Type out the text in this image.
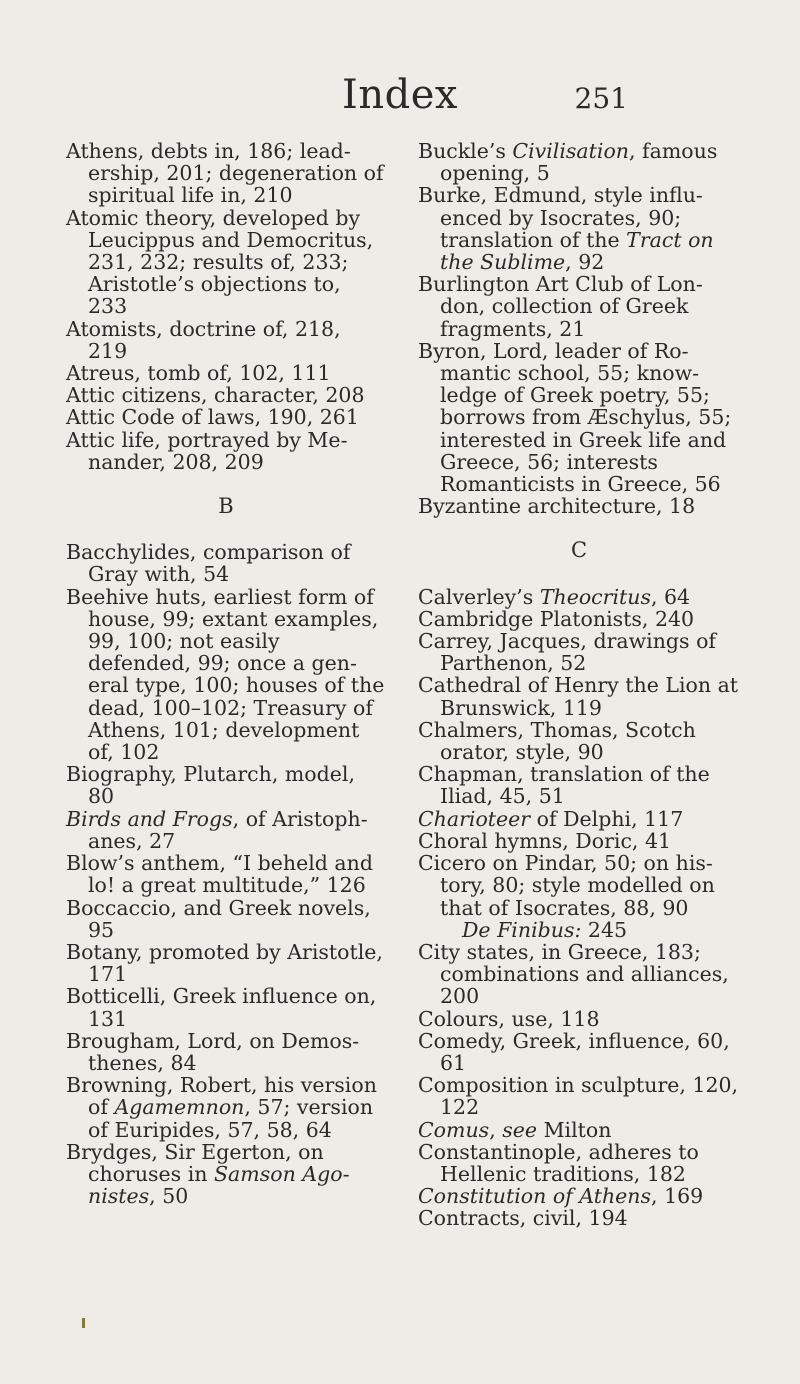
Index	251

Athens, debts in, 186; leadership, 201; degeneration of spiritual life in, 210

Atomic theory, developed by Leucippus and Democritus, 231, 232; results of, 233; Aristotle’s objections to, 233

Atomists, doctrine of, 218, 219

Atreus, tomb of, 102, 111

Attic citizens, character, 208

Attic Code of laws, 190, 261

Attic life, portrayed by Menander, 208, 209

B

Bacchylides, comparison of Gray with, 54

Beehive huts, earliest form of house, 99; extant examples, 99, 100; not easily defended, 99; once a general type, 100; houses of the dead, 100–102; Treasury of Athens, 101; development of, 102

Biography, Plutarch, model, 80

Birds and Frogs, of Aristophanes, 27

Blow’s anthem, “I beheld and lo! a great multitude,” 126

Boccaccio, and Greek novels, 95

Botany, promoted by Aristotle, 171

Botticelli, Greek influence on, 131

Brougham, Lord, on Demosthenes, 84

Browning, Robert, his version of Agamemnon, 57; version of Euripides, 57, 58, 64

Brydges, Sir Egerton, on choruses in Samson Agonistes, 50

Buckle’s Civilisation, famous opening, 5

Burke, Edmund, style influenced by Isocrates, 90; translation of the Tract on the Sublime, 92

Burlington Art Club of London, collection of Greek fragments, 21

Byron, Lord, leader of Romantic school, 55; knowledge of Greek poetry, 55; borrows from Æschylus, 55; interested in Greek life and Greece, 56; interests Romanticists in Greece, 56

Byzantine architecture, 18

C

Calverley’s Theocritus, 64

Cambridge Platonists, 240

Carrey, Jacques, drawings of Parthenon, 52

Cathedral of Henry the Lion at Brunswick, 119

Chalmers, Thomas, Scotch orator, style, 90

Chapman, translation of the Iliad, 45, 51

Charioteer of Delphi, 117

Choral hymns, Doric, 41

Cicero on Pindar, 50; on history, 80; style modelled on that of Isocrates, 88, 90
De Finibus: 245

City states, in Greece, 183; combinations and alliances, 200

Colours, use, 118

Comedy, Greek, influence, 60, 61

Composition in sculpture, 120, 122

Comus, see Milton

Constantinople, adheres to Hellenic traditions, 182

Constitution of Athens, 169

Contracts, civil, 194
